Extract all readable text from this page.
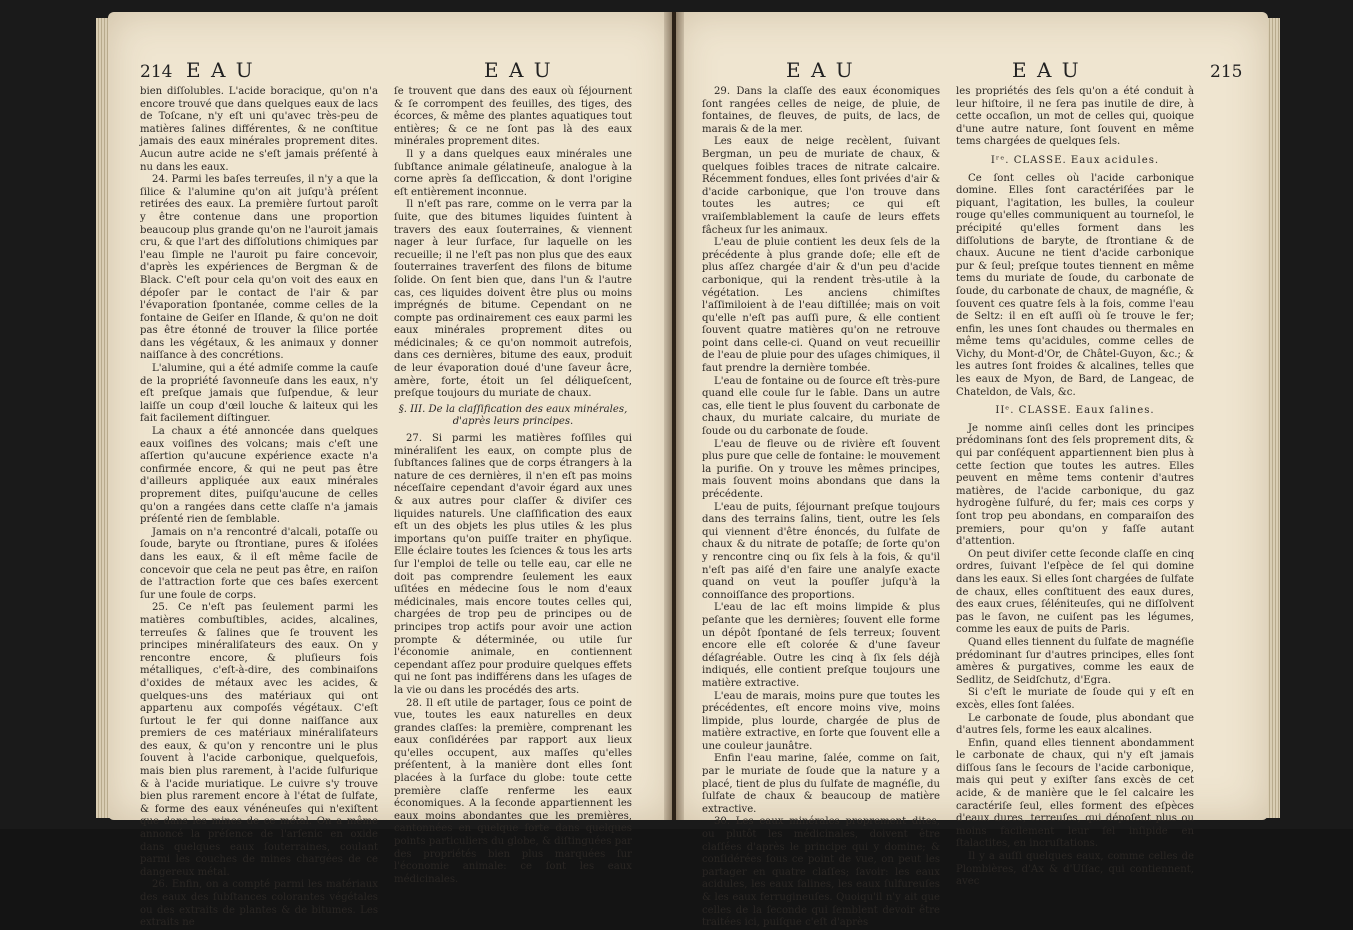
214 E A U	E A U

bien diſſolubles. L'acide boracique, qu'on n'a encore trouvé que dans quelques eaux de lacs de Toſcane, n'y eſt uni qu'avec très-peu de matières ſalines différentes, & ne conſtitue jamais des eaux minérales proprement dites. Aucun autre acide ne s'eſt jamais préſenté à nu dans les eaux.

24. Parmi les baſes terreuſes, il n'y a que la ſilice & l'alumine qu'on ait juſqu'à préſent retirées des eaux. La première ſurtout paroît y être contenue dans une proportion beaucoup plus grande qu'on ne l'auroit jamais cru, & que l'art des diſſolutions chimiques par l'eau ſimple ne l'auroit pu faire concevoir, d'après les expériences de Bergman & de Black. C'eſt pour cela qu'on voit des eaux en dépoſer par le contact de l'air & par l'évaporation ſpontanée, comme celles de la fontaine de Geiſer en Iſlande, & qu'on ne doit pas être étonné de trouver la ſilice portée dans les végétaux, & les animaux y donner naiſſance à des concrétions.

L'alumine, qui a été admiſe comme la cauſe de la propriété ſavonneuſe dans les eaux, n'y eſt preſque jamais que ſuſpendue, & leur laiſſe un coup d'œil louche & laiteux qui les fait facilement diſtinguer.

La chaux a été annoncée dans quelques eaux voiſines des volcans; mais c'eſt une aſſertion qu'aucune expérience exacte n'a confirmée encore, & qui ne peut pas être d'ailleurs appliquée aux eaux minérales proprement dites, puiſqu'aucune de celles qu'on a rangées dans cette claſſe n'a jamais préſenté rien de ſemblable.

Jamais on n'a rencontré d'alcali, potaſſe ou ſoude, baryte ou ſtrontiane, pures & iſolées dans les eaux, & il eſt même facile de concevoir que cela ne peut pas être, en raiſon de l'attraction forte que ces baſes exercent ſur une foule de corps.

25. Ce n'eſt pas ſeulement parmi les matières combuſtibles, acides, alcalines, terreuſes & ſalines que ſe trouvent les principes minéraliſateurs des eaux. On y rencontre encore, & pluſieurs fois métalliques, c'eſt-à-dire, des combinaiſons d'oxides de métaux avec les acides, & quelques-uns des matériaux qui ont appartenu aux compoſés végétaux. C'eſt ſurtout le fer qui donne naiſſance aux premiers de ces matériaux minéraliſateurs des eaux, & qu'on y rencontre uni le plus ſouvent à l'acide carbonique, quelquefois, mais bien plus rarement, à l'acide ſulfurique & à l'acide muriatique. Le cuivre s'y trouve bien plus rarement encore à l'état de ſulfate, & forme des eaux vénéneuſes qui n'exiſtent que dans les mines de ce métal. On a même annoncé la préſence de l'arſenic en oxide dans quelques eaux ſouterraines, coulant parmi les couches de mines chargées de ce dangereux métal.

26. Enfin, on a compté parmi les matériaux des eaux des ſubſtances colorantes végétales ou des extraits de plantes & de bitumes. Les extraits ne

ſe trouvent que dans des eaux où ſéjournent & ſe corrompent des feuilles, des tiges, des écorces, & même des plantes aquatiques tout entières; & ce ne ſont pas là des eaux minérales proprement dites.

Il y a dans quelques eaux minérales une ſubſtance animale gélatineuſe, analogue à la corne après ſa deſſiccation, & dont l'origine eſt entièrement inconnue.

Il n'eſt pas rare, comme on le verra par la ſuite, que des bitumes liquides ſuintent à travers des eaux ſouterraines, & viennent nager à leur ſurface, ſur laquelle on les recueille; il ne l'eſt pas non plus que des eaux ſouterraines traverſent des filons de bitume ſolide. On ſent bien que, dans l'un & l'autre cas, ces liquides doivent être plus ou moins imprégnés de bitume. Cependant on ne compte pas ordinairement ces eaux parmi les eaux minérales proprement dites ou médicinales; & ce qu'on nommoit autrefois, dans ces dernières, bitume des eaux, produit de leur évaporation doué d'une ſaveur âcre, amère, forte, étoit un ſel déliqueſcent, preſque toujours du muriate de chaux.

§. III. De la claſſification des eaux minérales, d'après leurs principes.

27. Si parmi les matières foſſiles qui minéraliſent les eaux, on compte plus de ſubſtances ſalines que de corps étrangers à la nature de ces dernières, il n'en eſt pas moins néceſſaire cependant d'avoir égard aux unes & aux autres pour claſſer & diviſer ces liquides naturels. Une claſſification des eaux eſt un des objets les plus utiles & les plus importans qu'on puiſſe traiter en phyſique. Elle éclaire toutes les ſciences & tous les arts ſur l'emploi de telle ou telle eau, car elle ne doit pas comprendre ſeulement les eaux uſitées en médecine ſous le nom d'eaux médicinales, mais encore toutes celles qui, chargées de trop peu de principes ou de principes trop actifs pour avoir une action prompte & déterminée, ou utile ſur l'économie animale, en contiennent cependant aſſez pour produire quelques effets qui ne ſont pas indifférens dans les uſages de la vie ou dans les procédés des arts.

28. Il eſt utile de partager, ſous ce point de vue, toutes les eaux naturelles en deux grandes claſſes: la première, comprenant les eaux conſidérées par rapport aux lieux qu'elles occupent, aux maſſes qu'elles préſentent, à la manière dont elles ſont placées à la ſurface du globe: toute cette première claſſe renferme les eaux économiques. A la ſeconde appartiennent les eaux moins abondantes que les premières, cantonnées en quelque ſorte dans quelques points particuliers du globe, & diſtinguées par des propriétés bien plus marquées ſur l'économie animale: ce ſont les eaux médicinales.

E A U	E A U	215

29. Dans la claſſe des eaux économiques ſont rangées celles de neige, de pluie, de fontaines, de fleuves, de puits, de lacs, de marais & de la mer.

Les eaux de neige recèlent, ſuivant Bergman, un peu de muriate de chaux, & quelques foibles traces de nitrate calcaire. Récemment fondues, elles ſont privées d'air & d'acide carbonique, que l'on trouve dans toutes les autres; ce qui eſt vraiſemblablement la cauſe de leurs effets fâcheux ſur les animaux.

L'eau de pluie contient les deux ſels de la précédente à plus grande doſe; elle eſt de plus aſſez chargée d'air & d'un peu d'acide carbonique, qui la rendent très-utile à la végétation. Les anciens chimiſtes l'aſſimiloient à de l'eau diſtillée; mais on voit qu'elle n'eſt pas auſſi pure, & elle contient ſouvent quatre matières qu'on ne retrouve point dans celle-ci. Quand on veut recueillir de l'eau de pluie pour des uſages chimiques, il faut prendre la dernière tombée.

L'eau de fontaine ou de ſource eſt très-pure quand elle coule ſur le ſable. Dans un autre cas, elle tient le plus ſouvent du carbonate de chaux, du muriate calcaire, du muriate de ſoude ou du carbonate de ſoude.

L'eau de fleuve ou de rivière eſt ſouvent plus pure que celle de fontaine: le mouvement la purifie. On y trouve les mêmes principes, mais ſouvent moins abondans que dans la précédente.

L'eau de puits, ſéjournant preſque toujours dans des terrains ſalins, tient, outre les ſels qui viennent d'être énoncés, du ſulfate de chaux & du nitrate de potaſſe; de ſorte qu'on y rencontre cinq ou ſix ſels à la fois, & qu'il n'eſt pas aiſé d'en faire une analyſe exacte quand on veut la pouſſer juſqu'à la connoiſſance des proportions.

L'eau de lac eſt moins limpide & plus peſante que les dernières; ſouvent elle forme un dépôt ſpontané de ſels terreux; ſouvent encore elle eſt colorée & d'une ſaveur déſagréable. Outre les cinq à ſix ſels déjà indiqués, elle contient preſque toujours une matière extractive.

L'eau de marais, moins pure que toutes les précédentes, eſt encore moins vive, moins limpide, plus lourde, chargée de plus de matière extractive, en ſorte que ſouvent elle a une couleur jaunâtre.

Enfin l'eau marine, ſalée, comme on ſait, par le muriate de ſoude que la nature y a placé, tient de plus du ſulfate de magnéſie, du ſulfate de chaux & beaucoup de matière extractive.

30. Les eaux minérales proprement dites, ou plutôt les médicinales, doivent être claſſées d'après le principe qui y domine; & conſidérées ſous ce point de vue, on peut les partager en quatre claſſes; ſavoir: les eaux acidules, les eaux ſalines, les eaux ſulfureuſes & les eaux ferrugineuſes. Quoiqu'il n'y ait que celles de la ſeconde qui ſemblent devoir être traitées ici, puiſque c'eſt d'après

les propriétés des ſels qu'on a été conduit à leur hiſtoire, il ne ſera pas inutile de dire, à cette occaſion, un mot de celles qui, quoique d'une autre nature, ſont ſouvent en même tems chargées de quelques ſels.

Iʳᵉ. CLASSE. Eaux acidules.

Ce ſont celles où l'acide carbonique domine. Elles ſont caractériſées par le piquant, l'agitation, les bulles, la couleur rouge qu'elles communiquent au tourneſol, le précipité qu'elles forment dans les diſſolutions de baryte, de ſtrontiane & de chaux. Aucune ne tient d'acide carbonique pur & ſeul; preſque toutes tiennent en même tems du muriate de ſoude, du carbonate de ſoude, du carbonate de chaux, de magnéſie, & ſouvent ces quatre ſels à la fois, comme l'eau de Seltz: il en eſt auſſi où ſe trouve le fer; enfin, les unes ſont chaudes ou thermales en même tems qu'acidules, comme celles de Vichy, du Mont-d'Or, de Châtel-Guyon, &c.; & les autres ſont froides & alcalines, telles que les eaux de Myon, de Bard, de Langeac, de Chateldon, de Vals, &c.

IIᵉ. CLASSE. Eaux ſalines.

Je nomme ainſi celles dont les principes prédominans ſont des ſels proprement dits, & qui par conſéquent appartiennent bien plus à cette ſection que toutes les autres. Elles peuvent en même tems contenir d'autres matières, de l'acide carbonique, du gaz hydrogène ſulfuré, du fer; mais ces corps y ſont trop peu abondans, en comparaiſon des premiers, pour qu'on y faſſe autant d'attention.

On peut diviſer cette ſeconde claſſe en cinq ordres, ſuivant l'eſpèce de ſel qui domine dans les eaux. Si elles ſont chargées de ſulfate de chaux, elles conſtituent des eaux dures, des eaux crues, ſéléniteuſes, qui ne diſſolvent pas le ſavon, ne cuiſent pas les légumes, comme les eaux de puits de Paris.

Quand elles tiennent du ſulfate de magnéſie prédominant ſur d'autres principes, elles ſont amères & purgatives, comme les eaux de Sedlitz, de Seidſchutz, d'Egra.

Si c'eſt le muriate de ſoude qui y eſt en excès, elles ſont ſalées.

Le carbonate de ſoude, plus abondant que d'autres ſels, forme les eaux alcalines.

Enfin, quand elles tiennent abondamment le carbonate de chaux, qui n'y eſt jamais diſſous ſans le ſecours de l'acide carbonique, mais qui peut y exiſter ſans excès de cet acide, & de manière que le ſel calcaire les caractériſe ſeul, elles forment des eſpèces d'eaux dures, terreuſes, qui dépoſent plus ou moins facilement leur ſel inſipide en ſtalactites, en incruſtations.

Il y a auſſi quelques eaux, comme celles de Plombières, d'Ax & d'Uſſac, qui contiennent, avec
